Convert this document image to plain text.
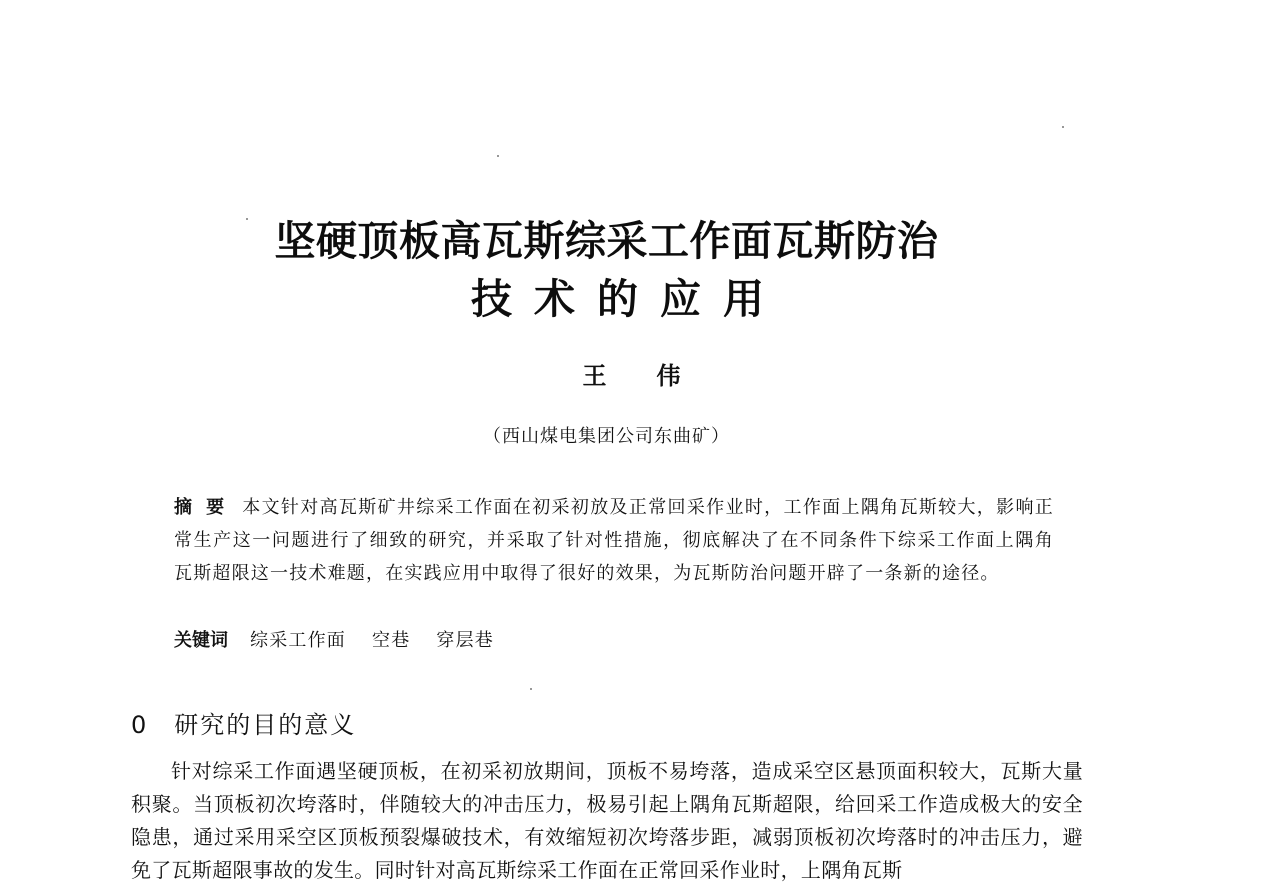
坚硬顶板高瓦斯综采工作面瓦斯防治
技术的应用
王伟
（西山煤电集团公司东曲矿）
摘要 本文针对高瓦斯矿井综采工作面在初采初放及正常回采作业时，工作面上隅角瓦斯较大，影响正常生产这一问题进行了细致的研究，并采取了针对性措施，彻底解决了在不同条件下综采工作面上隅角瓦斯超限这一技术难题，在实践应用中取得了很好的效果，为瓦斯防治问题开辟了一条新的途径。
关键词 综采工作面 空巷 穿层巷
0 研究的目的意义
针对综采工作面遇坚硬顶板，在初采初放期间，顶板不易垮落，造成采空区悬顶面积较大，瓦斯大量积聚。当顶板初次垮落时，伴随较大的冲击压力，极易引起上隅角瓦斯超限，给回采工作造成极大的安全隐患，通过采用采空区顶板预裂爆破技术，有效缩短初次垮落步距，减弱顶板初次垮落时的冲击压力，避免了瓦斯超限事故的发生。同时针对高瓦斯综采工作面在正常回采作业时，上隅角瓦斯
